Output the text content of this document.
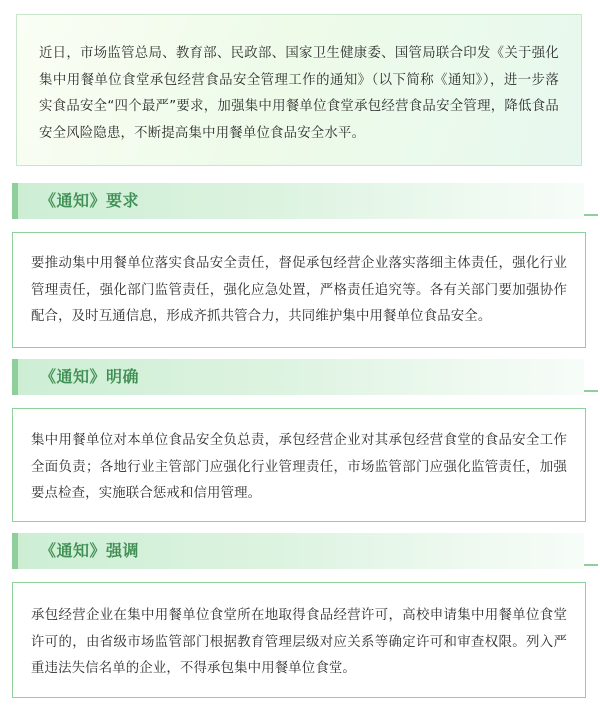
近日，市场监管总局、教育部、民政部、国家卫生健康委、国管局联合印发《关于强化集中用餐单位食堂承包经营食品安全管理工作的通知》（以下简称《通知》），进一步落实食品安全“四个最严”要求，加强集中用餐单位食堂承包经营食品安全管理，降低食品安全风险隐患，不断提高集中用餐单位食品安全水平。

《通知》要求

要推动集中用餐单位落实食品安全责任，督促承包经营企业落实落细主体责任，强化行业管理责任，强化部门监管责任，强化应急处置，严格责任追究等。各有关部门要加强协作配合，及时互通信息，形成齐抓共管合力，共同维护集中用餐单位食品安全。

《通知》明确

集中用餐单位对本单位食品安全负总责，承包经营企业对其承包经营食堂的食品安全工作全面负责；各地行业主管部门应强化行业管理责任，市场监管部门应强化监管责任，加强要点检查，实施联合惩戒和信用管理。

《通知》强调

承包经营企业在集中用餐单位食堂所在地取得食品经营许可，高校申请集中用餐单位食堂许可的，由省级市场监管部门根据教育管理层级对应关系等确定许可和审查权限。列入严重违法失信名单的企业，不得承包集中用餐单位食堂。
